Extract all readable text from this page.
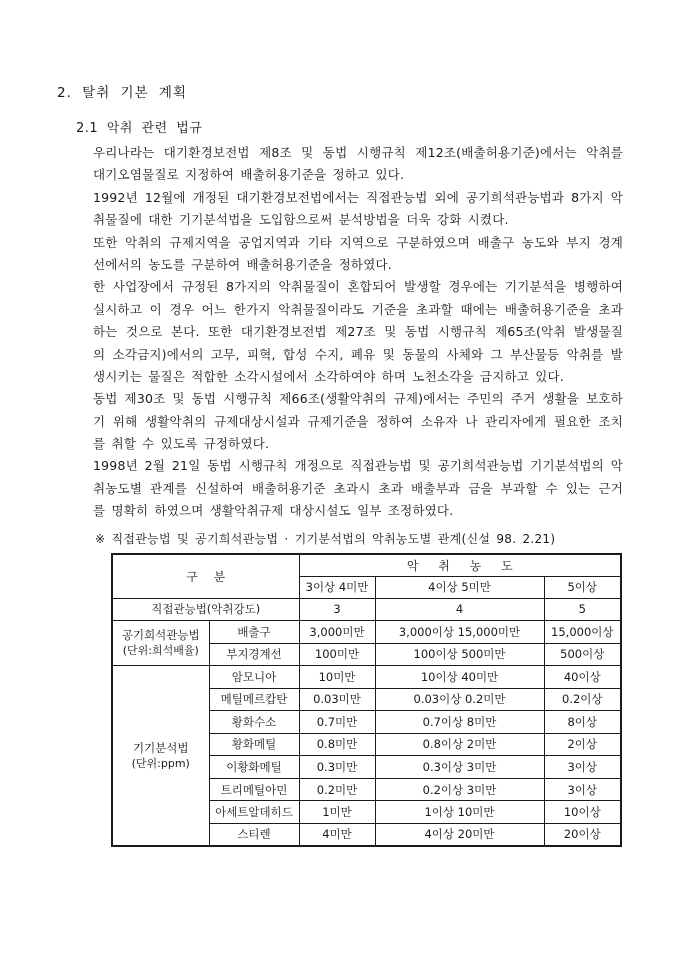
2. 탈취 기본 계획
2.1 악취 관련 법규
우리나라는 대기환경보전법 제8조 및 동법 시행규칙 제12조(배출허용기준)에서는 악취를
대기오염물질로 지정하여 배출허용기준을 정하고 있다.
1992년 12월에 개정된 대기환경보전법에서는 직접관능법 외에 공기희석관능법과 8가지 악
취물질에 대한 기기분석법을 도입함으로써 분석방법을 더욱 강화 시켰다.
또한 악취의 규제지역을 공업지역과 기타 지역으로 구분하였으며 배출구 농도와 부지 경계
선에서의 농도를 구분하여 배출허용기준을 정하였다.
한 사업장에서 규정된 8가지의 악취물질이 혼합되어 발생할 경우에는 기기분석을 병행하여
실시하고 이 경우 어느 한가지 악취물질이라도 기준을 초과할 때에는 배출허용기준을 초과
하는 것으로 본다. 또한 대기환경보전법 제27조 및 동법 시행규칙 제65조(악취 발생물질
의 소각금지)에서의 고무, 피혁, 합성 수지, 폐유 및 동물의 사체와 그 부산물등 악취를 발
생시키는 물질은 적합한 소각시설에서 소각하여야 하며 노천소각을 금지하고 있다.
동법 제30조 및 동법 시행규칙 제66조(생활악취의 규제)에서는 주민의 주거 생활을 보호하
기 위해 생활악취의 규제대상시설과 규제기준을 정하여 소유자 나 관리자에게 필요한 조치
를 취할 수 있도록 규정하였다.
1998년 2월 21일 동법 시행규칙 개정으로 직접관능법 및 공기희석관능법 기기분석법의 악
취농도별 관계를 신설하여 배출허용기준 초과시 초과 배출부과 금을 부과할 수 있는 근거
를 명확히 하였으며 생활악취규제 대상시설도 일부 조정하였다.
※ 직접관능법 및 공기희석관능법 · 기기분석법의 악취농도별 관계(신설 98. 2.21)
구 분		악 취 농 도		
		3이상 4미만	4이상 5미만	5이상
직접관능법(악취강도)		3	4	5

공기희석관능법
(단위:희석배율)	배출구	3,000미만	3,000이상 15,000미만	15,000이상
	부지경계선	100미만	100이상 500미만	500이상

기기분석법
(단위:ppm)	암모니아	10미만	10이상 40미만	40이상
	메틸메르캅탄	0.03미만	0.03이상 0.2미만	0.2이상
	황화수소	0.7미만	0.7이상 8미만	8이상
	황화메틸	0.8미만	0.8이상 2미만	2이상
	이황화메틸	0.3미만	0.3이상 3미만	3이상
	트리메틸아민	0.2미만	0.2이상 3미만	3이상
	아세트알데히드	1미만	1이상 10미만	10이상
	스티렌	4미만	4이상 20미만	20이상
